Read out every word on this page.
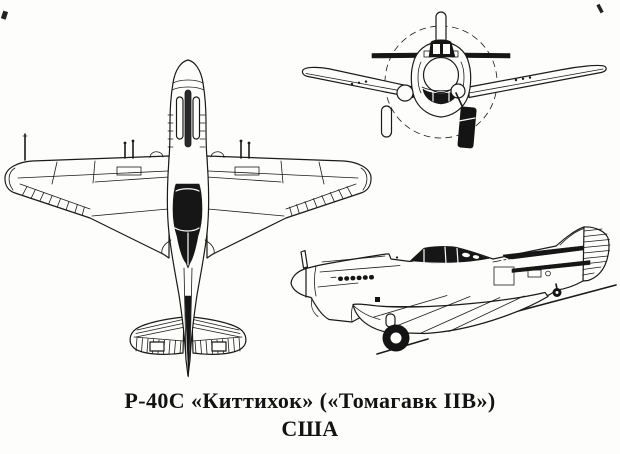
Р-40С «Киттихок» («Томагавк IIВ»)
США
